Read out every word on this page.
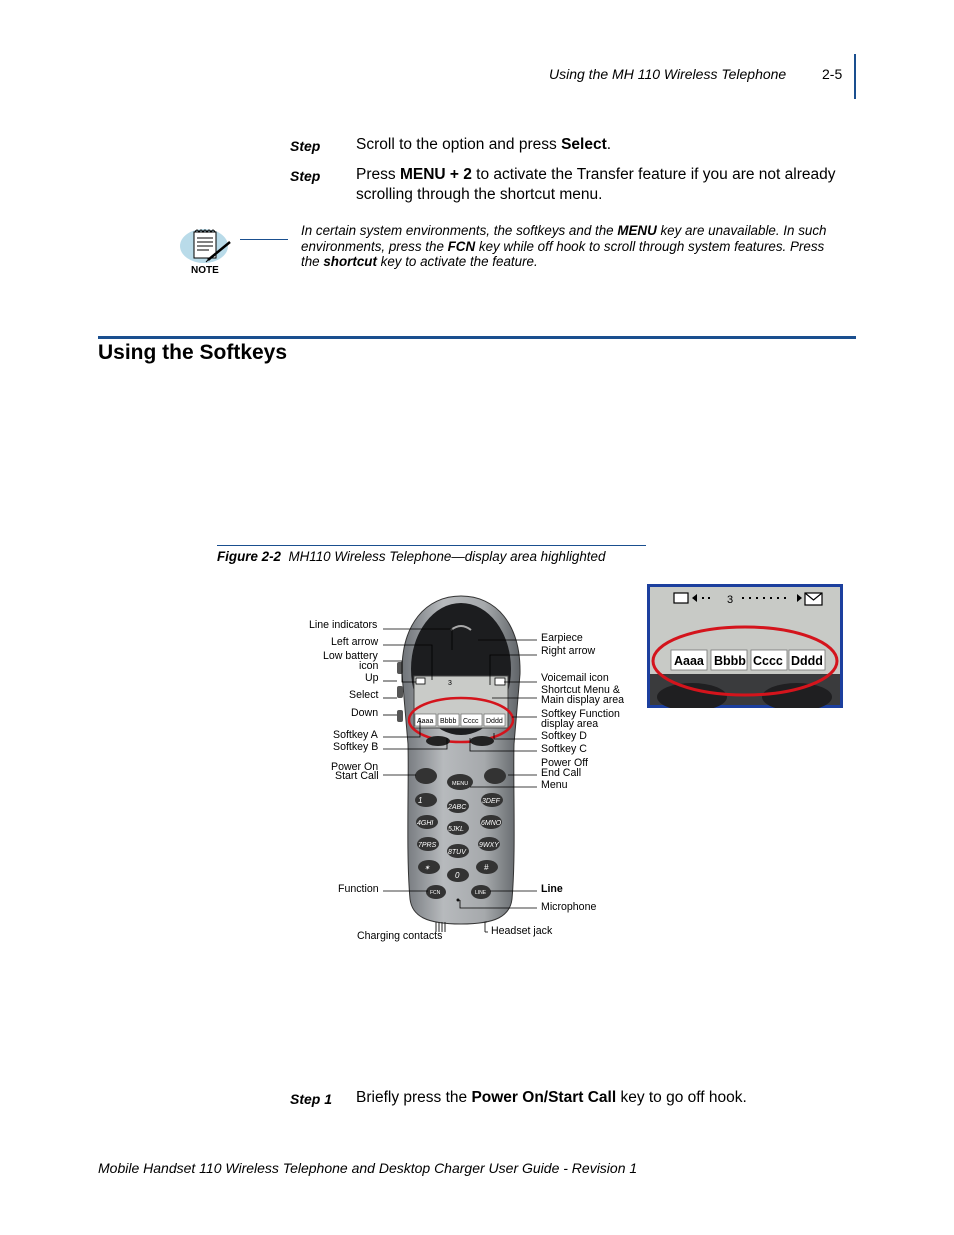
Using the MH 110 Wireless Telephone	2-5
Step Scroll to the option and press Select.
Step Press MENU + 2 to activate the Transfer feature if you are not already scrolling through the shortcut menu.
NOTE
In certain system environments, the softkeys and the MENU key are unavailable. In such environments, press the FCN key while off hook to scroll through system features. Press the shortcut key to activate the feature.
Using the Softkeys
Figure 2-2 MH110 Wireless Telephone—display area highlighted
3
Aaaa Bbbb Cccc Dddd
MENU
1
2ABC
3DEF
4GHI
5JKL
6MNO
7PRS
8TUV
9WXY
✶
0
#
FCN	LINE
Line indicators
Left arrow
Low battery
icon
Up
Select
Down
Softkey A
Softkey B
Power On
Start Call
Function
Charging contacts
Earpiece
Right arrow
Voicemail icon
Shortcut Menu &
Main display area
Softkey Function
display area
Softkey D
Softkey C
Power Off
End Call
Menu
Line
Microphone
Headset jack
3
Aaaa Bbbb Cccc Dddd
Step 1 Briefly press the Power On/Start Call key to go off hook.
Mobile Handset 110 Wireless Telephone and Desktop Charger User Guide - Revision 1
